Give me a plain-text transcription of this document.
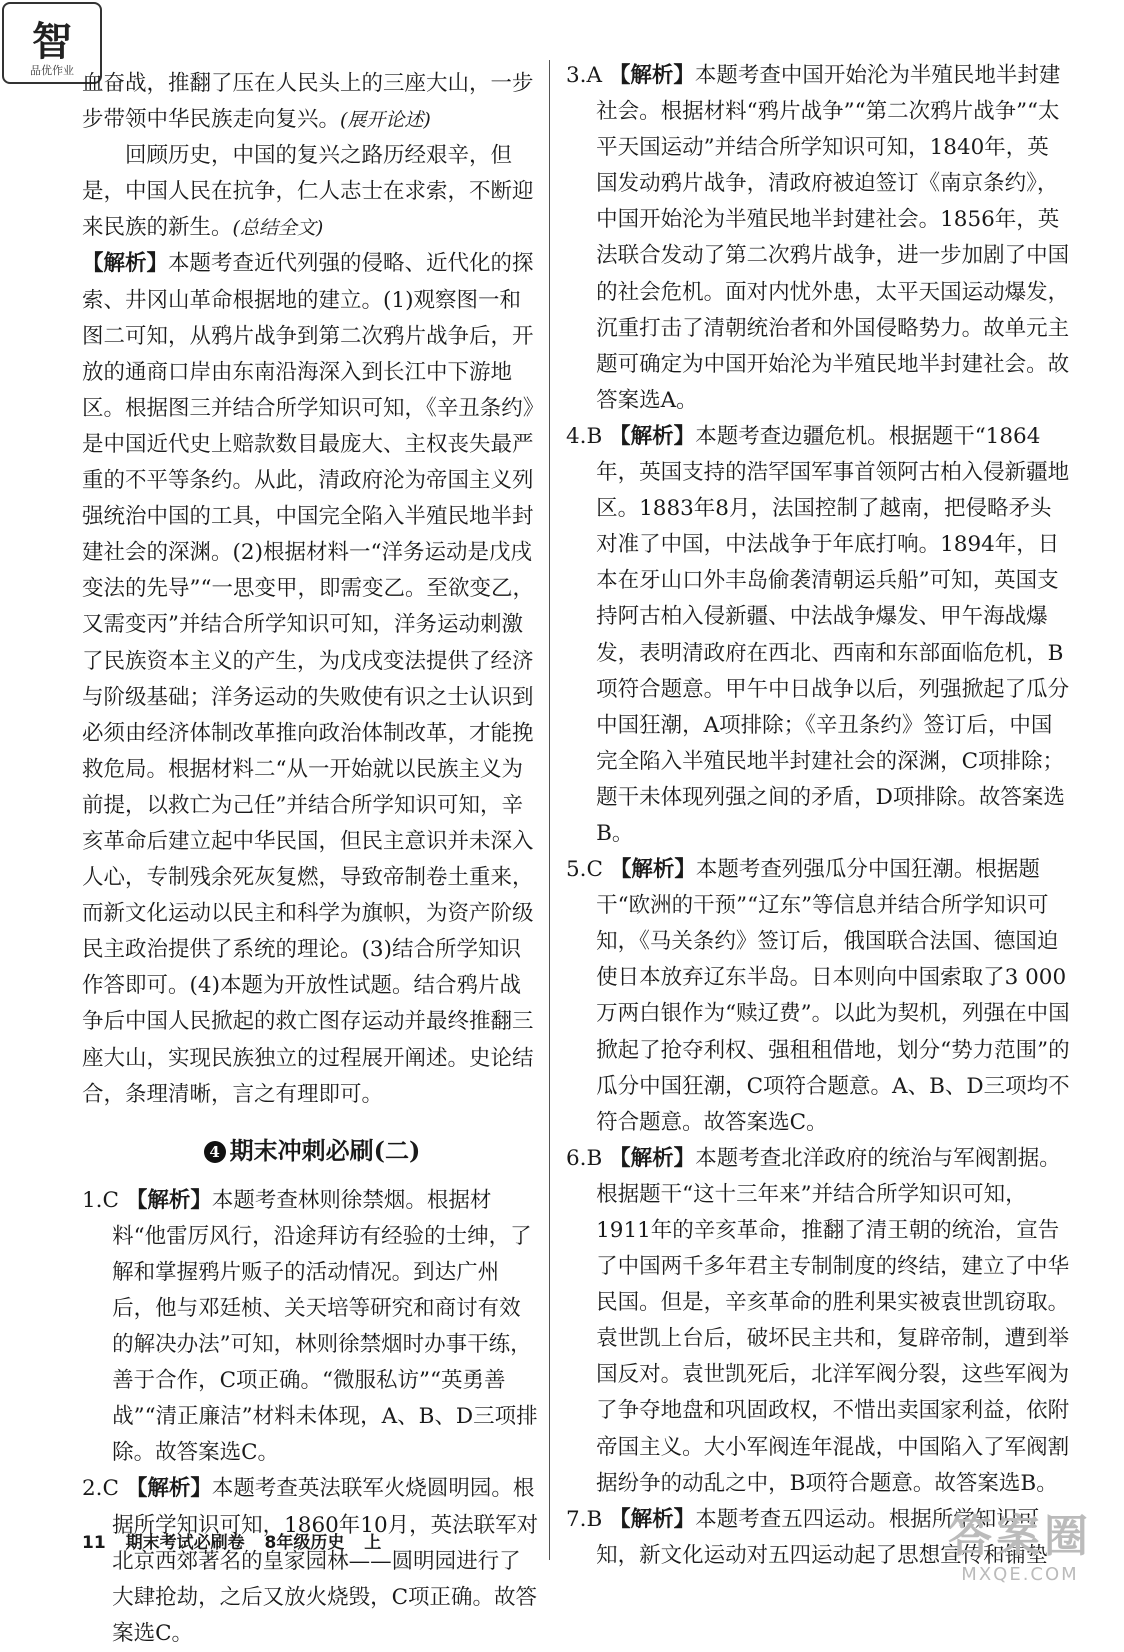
智
品优作业

血奋战，推翻了压在人民头上的三座大山，一步步带领中华民族走向复兴。(展开论述)

回顾历史，中国的复兴之路历经艰辛，但是，中国人民在抗争，仁人志士在求索，不断迎来民族的新生。(总结全文)

【解析】本题考查近代列强的侵略、近代化的探索、井冈山革命根据地的建立。(1)观察图一和图二可知，从鸦片战争到第二次鸦片战争后，开放的通商口岸由东南沿海深入到长江中下游地区。根据图三并结合所学知识可知，《辛丑条约》是中国近代史上赔款数目最庞大、主权丧失最严重的不平等条约。从此，清政府沦为帝国主义列强统治中国的工具，中国完全陷入半殖民地半封建社会的深渊。(2)根据材料一“洋务运动是戊戌变法的先导”“一思变甲，即需变乙。至欲变乙，又需变丙”并结合所学知识可知，洋务运动刺激了民族资本主义的产生，为戊戌变法提供了经济与阶级基础；洋务运动的失败使有识之士认识到必须由经济体制改革推向政治体制改革，才能挽救危局。根据材料二“从一开始就以民族主义为前提，以救亡为己任”并结合所学知识可知，辛亥革命后建立起中华民国，但民主意识并未深入人心，专制残余死灰复燃，导致帝制卷土重来，而新文化运动以民主和科学为旗帜，为资产阶级民主政治提供了系统的理论。(3)结合所学知识作答即可。(4)本题为开放性试题。结合鸦片战争后中国人民掀起的救亡图存运动并最终推翻三座大山，实现民族独立的过程展开阐述。史论结合，条理清晰，言之有理即可。

4 期末冲刺必刷(二)

1.C 【解析】本题考查林则徐禁烟。根据材料“他雷厉风行，沿途拜访有经验的士绅，了解和掌握鸦片贩子的活动情况。到达广州后，他与邓廷桢、关天培等研究和商讨有效的解决办法”可知，林则徐禁烟时办事干练，善于合作，C项正确。“微服私访”“英勇善战”“清正廉洁”材料未体现，A、B、D三项排除。故答案选C。

2.C 【解析】本题考查英法联军火烧圆明园。根据所学知识可知，1860年10月，英法联军对北京西郊著名的皇家园林——圆明园进行了大肆抢劫，之后又放火烧毁，C项正确。故答案选C。

3.A 【解析】本题考查中国开始沦为半殖民地半封建社会。根据材料“鸦片战争”“第二次鸦片战争”“太平天国运动”并结合所学知识可知，1840年，英国发动鸦片战争，清政府被迫签订《南京条约》，中国开始沦为半殖民地半封建社会。1856年，英法联合发动了第二次鸦片战争，进一步加剧了中国的社会危机。面对内忧外患，太平天国运动爆发，沉重打击了清朝统治者和外国侵略势力。故单元主题可确定为中国开始沦为半殖民地半封建社会。故答案选A。

4.B 【解析】本题考查边疆危机。根据题干“1864年，英国支持的浩罕国军事首领阿古柏入侵新疆地区。1883年8月，法国控制了越南，把侵略矛头对准了中国，中法战争于年底打响。1894年，日本在牙山口外丰岛偷袭清朝运兵船”可知，英国支持阿古柏入侵新疆、中法战争爆发、甲午海战爆发，表明清政府在西北、西南和东部面临危机，B项符合题意。甲午中日战争以后，列强掀起了瓜分中国狂潮，A项排除；《辛丑条约》签订后，中国完全陷入半殖民地半封建社会的深渊，C项排除；题干未体现列强之间的矛盾，D项排除。故答案选B。

5.C 【解析】本题考查列强瓜分中国狂潮。根据题干“欧洲的干预”“辽东”等信息并结合所学知识可知，《马关条约》签订后，俄国联合法国、德国迫使日本放弃辽东半岛。日本则向中国索取了3 000万两白银作为“赎辽费”。以此为契机，列强在中国掀起了抢夺利权、强租租借地，划分“势力范围”的瓜分中国狂潮，C项符合题意。A、B、D三项均不符合题意。故答案选C。

6.B 【解析】本题考查北洋政府的统治与军阀割据。根据题干“这十三年来”并结合所学知识可知，1911年的辛亥革命，推翻了清王朝的统治，宣告了中国两千多年君主专制制度的终结，建立了中华民国。但是，辛亥革命的胜利果实被袁世凯窃取。袁世凯上台后，破坏民主共和，复辟帝制，遭到举国反对。袁世凯死后，北洋军阀分裂，这些军阀为了争夺地盘和巩固政权，不惜出卖国家利益，依附帝国主义。大小军阀连年混战，中国陷入了军阀割据纷争的动乱之中，B项符合题意。故答案选B。

7.B 【解析】本题考查五四运动。根据所学知识可知，新文化运动对五四运动起了思想宣传和铺垫

11 期末考试必刷卷 8年级历史 上	答案圈
MXQE.COM
